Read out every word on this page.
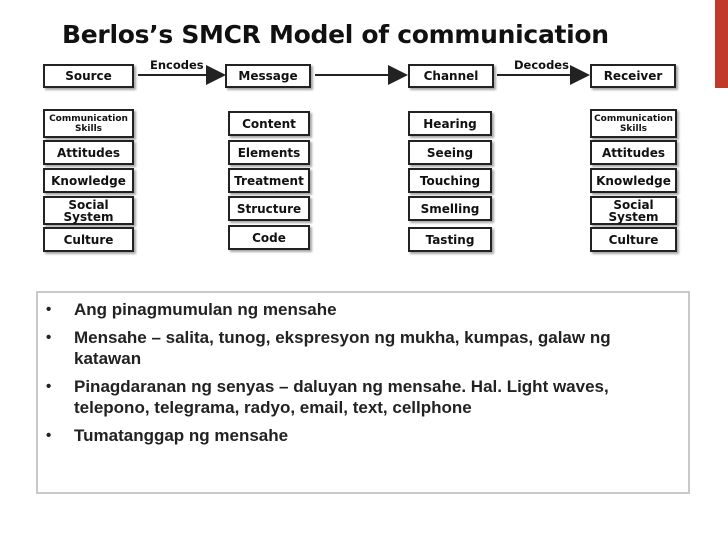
Berlos’s SMCR Model of communication
Encodes	Decodes
Source
Communication
Skills
Attitudes
Knowledge
Social
System
Culture
Message
Content
Elements
Treatment
Structure
Code
Channel
Hearing
Seeing
Touching
Smelling
Tasting
Receiver
Communication
Skills
Attitudes
Knowledge
Social
System
Culture
• Ang pinagmumulan ng mensahe
• Mensahe – salita, tunog, ekspresyon ng mukha, kumpas, galaw ng katawan
• Pinagdaranan ng senyas – daluyan ng mensahe. Hal. Light waves, telepono, telegrama, radyo, email, text, cellphone
• Tumatanggap ng mensahe
